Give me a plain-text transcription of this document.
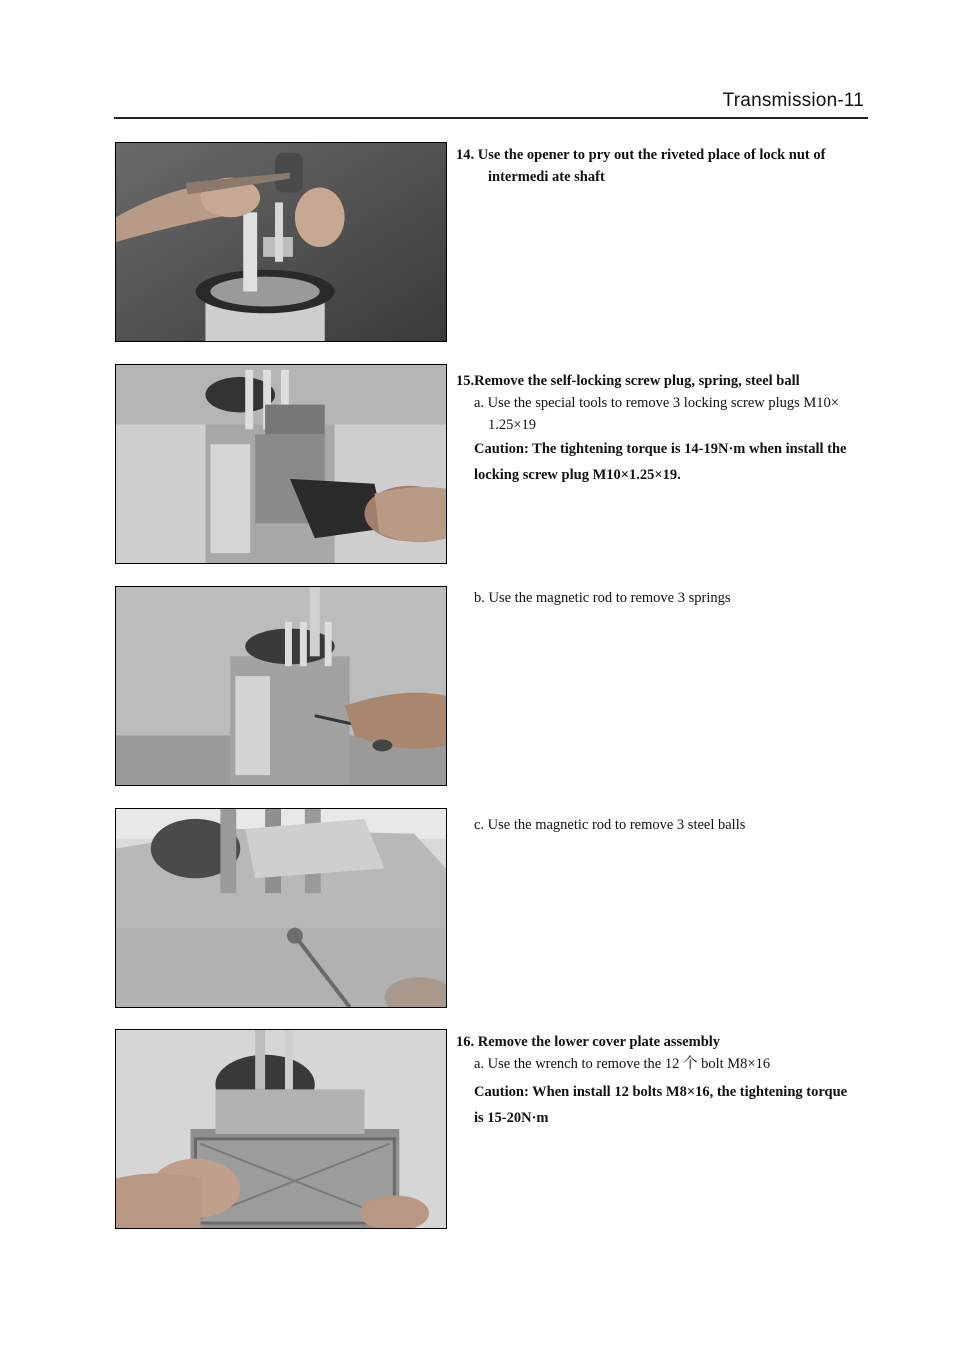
Transmission-11
14. Use the opener to pry out the riveted place of lock nut of
intermedi ate shaft
15.Remove the self-locking screw plug, spring, steel ball
a. Use the special tools to remove 3 locking screw plugs M10×
1.25×19
Caution: The tightening torque is 14-19N·m when install the
locking screw plug M10×1.25×19.
b. Use the magnetic rod to remove 3 springs
c. Use the magnetic rod to remove 3 steel balls
16. Remove the lower cover plate assembly
a. Use the wrench to remove the 12 个 bolt M8×16
Caution: When install 12 bolts M8×16, the tightening torque
is 15-20N·m
